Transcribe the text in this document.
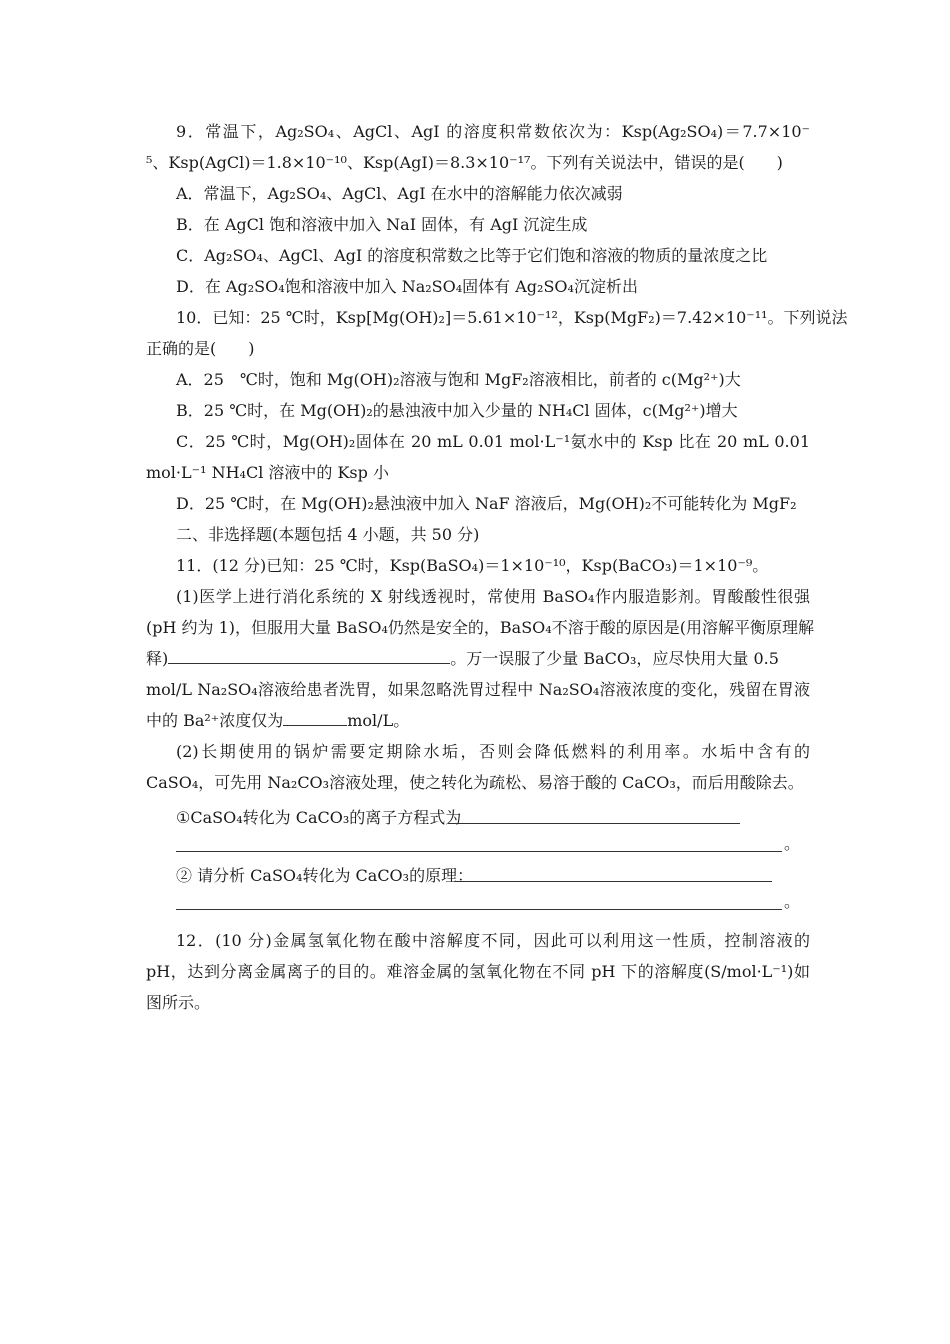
9．常温下，Ag₂SO₄、AgCl、AgI 的溶度积常数依次为：Ksp(Ag₂SO₄)＝7.7×10⁻
⁵、Ksp(AgCl)＝1.8×10⁻¹⁰、Ksp(AgI)＝8.3×10⁻¹⁷。下列有关说法中，错误的是(　　)
A．常温下，Ag₂SO₄、AgCl、AgI 在水中的溶解能力依次减弱
B．在 AgCl 饱和溶液中加入 NaI 固体，有 AgI 沉淀生成
C．Ag₂SO₄、AgCl、AgI 的溶度积常数之比等于它们饱和溶液的物质的量浓度之比
D．在 Ag₂SO₄饱和溶液中加入 Na₂SO₄固体有 Ag₂SO₄沉淀析出
10．已知：25 ℃时，Ksp[Mg(OH)₂]＝5.61×10⁻¹²，Ksp(MgF₂)＝7.42×10⁻¹¹。下列说法
正确的是(　　)
A．25　℃时，饱和 Mg(OH)₂溶液与饱和 MgF₂溶液相比，前者的 c(Mg²⁺)大
B．25 ℃时，在 Mg(OH)₂的悬浊液中加入少量的 NH₄Cl 固体，c(Mg²⁺)增大
C．25 ℃时，Mg(OH)₂固体在 20 mL 0.01 mol·L⁻¹氨水中的 Ksp 比在 20 mL 0.01
mol·L⁻¹ NH₄Cl 溶液中的 Ksp 小
D．25 ℃时，在 Mg(OH)₂悬浊液中加入 NaF 溶液后，Mg(OH)₂不可能转化为 MgF₂
二、非选择题(本题包括 4 小题，共 50 分)
11．(12 分)已知：25 ℃时，Ksp(BaSO₄)＝1×10⁻¹⁰，Ksp(BaCO₃)＝1×10⁻⁹。
(1)医学上进行消化系统的 X 射线透视时，常使用 BaSO₄作内服造影剂。胃酸酸性很强
(pH 约为 1)，但服用大量 BaSO₄仍然是安全的，BaSO₄不溶于酸的原因是(用溶解平衡原理解
释)	。万一误服了少量 BaCO₃，应尽快用大量 0.5
mol/L Na₂SO₄溶液给患者洗胃，如果忽略洗胃过程中 Na₂SO₄溶液浓度的变化，残留在胃液
中的 Ba²⁺浓度仅为	mol/L。
(2)长期使用的锅炉需要定期除水垢，否则会降低燃料的利用率。水垢中含有的
CaSO₄，可先用 Na₂CO₃溶液处理，使之转化为疏松、易溶于酸的 CaCO₃，而后用酸除去。
①CaSO₄转化为 CaCO₃的离子方程式为
。
② 请分析 CaSO₄转化为 CaCO₃的原理：
。
12．(10 分)金属氢氧化物在酸中溶解度不同，因此可以利用这一性质，控制溶液的
pH，达到分离金属离子的目的。难溶金属的氢氧化物在不同 pH 下的溶解度(S/mol·L⁻¹)如
图所示。
